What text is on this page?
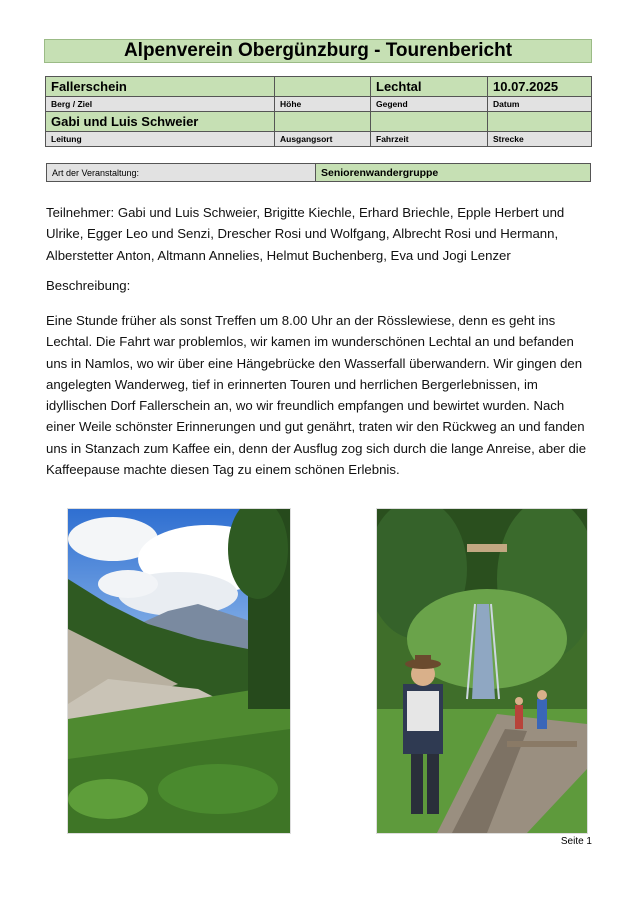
Alpenverein Obergünzburg - Tourenbericht
Fallerschein		Lechtal	10.07.2025
Berg / Ziel	Höhe	Gegend	Datum
Gabi und Luis Schweier			
Leitung	Ausgangsort	Fahrzeit	Strecke
Art der Veranstaltung:	Seniorenwandergruppe
Teilnehmer: Gabi und Luis Schweier, Brigitte Kiechle, Erhard Briechle, Epple Herbert und Ulrike, Egger Leo und Senzi, Drescher Rosi und Wolfgang, Albrecht Rosi und Hermann, Alberstetter Anton, Altmann Annelies, Helmut Buchenberg, Eva und Jogi Lenzer
Beschreibung:
Eine Stunde früher als sonst Treffen um 8.00 Uhr an der Rösslewiese, denn es geht ins Lechtal. Die Fahrt war problemlos, wir kamen im wunderschönen Lechtal an und befanden uns in Namlos, wo wir über eine Hängebrücke den Wasserfall überwandern. Wir gingen den angelegten Wanderweg, tief in erinnerten Touren und herrlichen Bergerlebnissen, im idyllischen Dorf Fallerschein an, wo wir freundlich empfangen und bewirtet wurden. Nach einer Weile schönster Erinnerungen und gut genährt, traten wir den Rückweg an und fanden uns in Stanzach zum Kaffee ein, denn der Ausflug zog sich durch die lange Anreise, aber die Kaffeepause machte diesen Tag zu einem schönen Erlebnis.
Seite 1
